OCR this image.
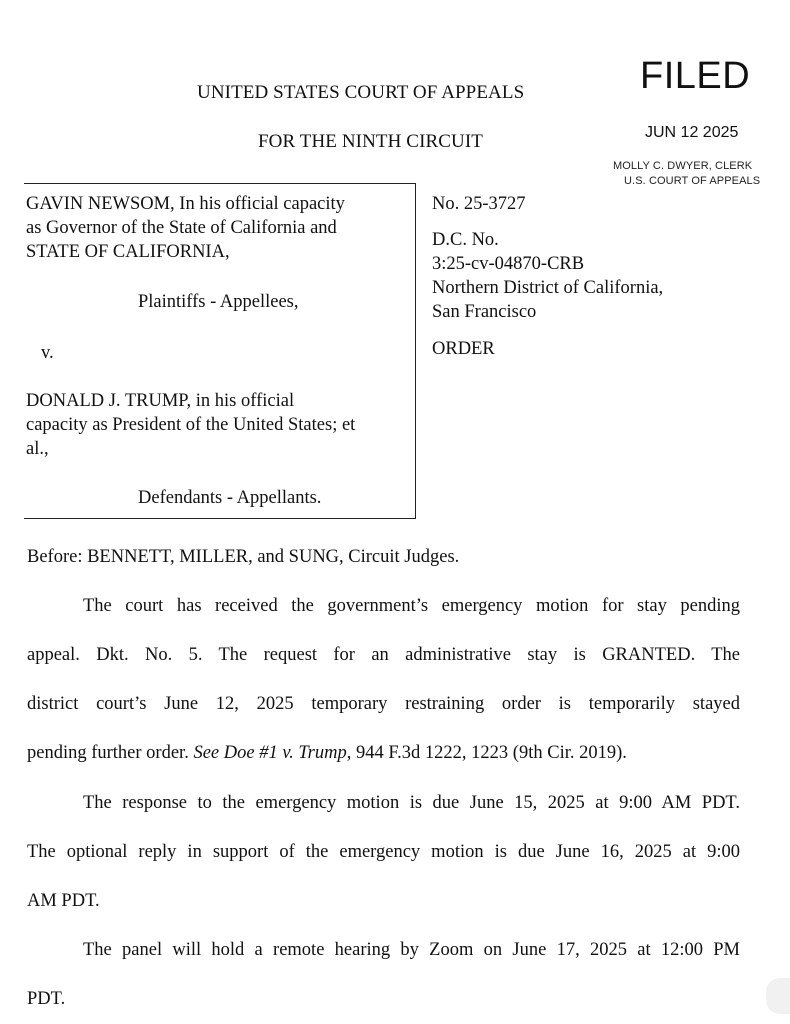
UNITED STATES COURT OF APPEALS
FOR THE NINTH CIRCUIT
FILED
JUN 12 2025
MOLLY C. DWYER, CLERK
U.S. COURT OF APPEALS
GAVIN NEWSOM, In his official capacity
as Governor of the State of California and
STATE OF CALIFORNIA,
Plaintiffs - Appellees,
v.
DONALD J. TRUMP, in his official
capacity as President of the United States; et
al.,
Defendants - Appellants.
No. 25-3727
D.C. No.
3:25-cv-04870-CRB
Northern District of California,
San Francisco
ORDER
Before: BENNETT, MILLER, and SUNG, Circuit Judges.
The court has received the government’s emergency motion for stay pending
appeal. Dkt. No. 5. The request for an administrative stay is GRANTED. The
district court’s June 12, 2025 temporary restraining order is temporarily stayed
pending further order. See Doe #1 v. Trump, 944 F.3d 1222, 1223 (9th Cir. 2019).
The response to the emergency motion is due June 15, 2025 at 9:00 AM PDT.
The optional reply in support of the emergency motion is due June 16, 2025 at 9:00
AM PDT.
The panel will hold a remote hearing by Zoom on June 17, 2025 at 12:00 PM
PDT.
